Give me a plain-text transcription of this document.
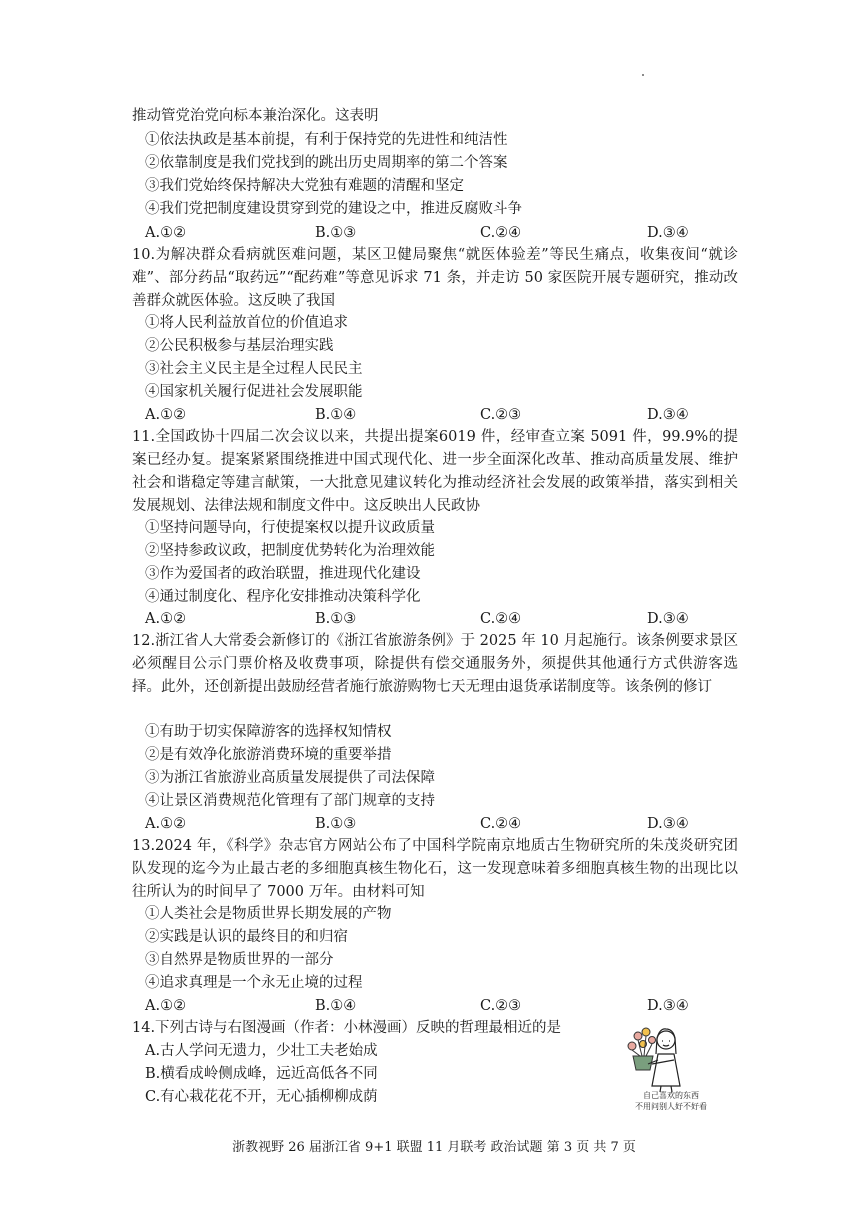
推动管党治党向标本兼治深化。这表明
①依法执政是基本前提，有利于保持党的先进性和纯洁性
②依靠制度是我们党找到的跳出历史周期率的第二个答案
③我们党始终保持解决大党独有难题的清醒和坚定
④我们党把制度建设贯穿到党的建设之中，推进反腐败斗争
A.①②	B.①③	C.②④	D.③④
10.为解决群众看病就医难问题，某区卫健局聚焦“就医体验差”等民生痛点，收集夜间“就诊难”、部分药品“取药远”“配药难”等意见诉求 71 条，并走访 50 家医院开展专题研究，推动改善群众就医体验。这反映了我国
①将人民利益放首位的价值追求
②公民积极参与基层治理实践
③社会主义民主是全过程人民民主
④国家机关履行促进社会发展职能
A.①②	B.①④	C.②③	D.③④
11.全国政协十四届二次会议以来，共提出提案6019 件，经审查立案 5091 件，99.9%的提案已经办复。提案紧紧围绕推进中国式现代化、进一步全面深化改革、推动高质量发展、维护社会和谐稳定等建言献策，一大批意见建议转化为推动经济社会发展的政策举措，落实到相关发展规划、法律法规和制度文件中。这反映出人民政协
①坚持问题导向，行使提案权以提升议政质量
②坚持参政议政，把制度优势转化为治理效能
③作为爱国者的政治联盟，推进现代化建设
④通过制度化、程序化安排推动决策科学化
A.①②	B.①③	C.②④	D.③④
12.浙江省人大常委会新修订的《浙江省旅游条例》于 2025 年 10 月起施行。该条例要求景区必须醒目公示门票价格及收费事项，除提供有偿交通服务外，须提供其他通行方式供游客选择。此外，还创新提出鼓励经营者施行旅游购物七天无理由退货承诺制度等。该条例的修订
①有助于切实保障游客的选择权知情权
②是有效净化旅游消费环境的重要举措
③为浙江省旅游业高质量发展提供了司法保障
④让景区消费规范化管理有了部门规章的支持
A.①②	B.①③	C.②④	D.③④
13.2024 年，《科学》杂志官方网站公布了中国科学院南京地质古生物研究所的朱茂炎研究团队发现的迄今为止最古老的多细胞真核生物化石，这一发现意味着多细胞真核生物的出现比以往所认为的时间早了 7000 万年。由材料可知
①人类社会是物质世界长期发展的产物
②实践是认识的最终目的和归宿
③自然界是物质世界的一部分
④追求真理是一个永无止境的过程
A.①②	B.①④	C.②③	D.③④
14.下列古诗与右图漫画（作者：小林漫画）反映的哲理最相近的是
A.古人学问无遗力，少壮工夫老始成
B.横看成岭侧成峰，远近高低各不同
C.有心栽花花不开，无心插柳柳成荫	自己喜欢的东西
不用问别人好不好看
浙教视野 26 届浙江省 9+1 联盟 11 月联考 政治试题 第 3 页 共 7 页
